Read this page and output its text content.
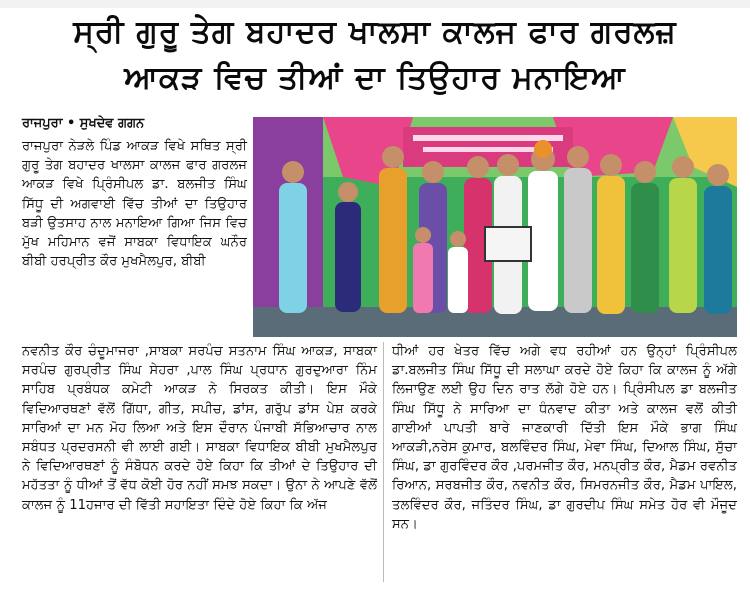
ਸ੍ਰੀ ਗੁਰੂ ਤੇਗ ਬਹਾਦਰ ਖਾਲਸਾ ਕਾਲਜ ਫਾਰ ਗਰਲਜ਼
ਆਕੜ ਵਿਚ ਤੀਆਂ ਦਾ ਤਿਉਹਾਰ ਮਨਾਇਆ
ਰਾਜਪੁਰਾ • ਸੁਖਦੇਵ ਗਗਨ

ਰਾਜਪੁਰਾ ਨੇੜਲੇ ਪਿੰਡ ਆਕੜ ਵਿਖੇ ਸਥਿਤ ਸ੍ਰੀ ਗੁਰੂ ਤੇਗ ਬਹਾਦਰ ਖਾਲਸਾ ਕਾਲਜ ਫਾਰ ਗਰਲਜ ਆਕੜ ਵਿਖੇ ਪ੍ਰਿੰਸੀਪਲ ਡਾ. ਬਲਜੀਤ ਸਿੰਘ ਸਿੱਧੂ ਦੀ ਅਗਵਾਈ ਵਿੱਚ ਤੀਆਂ ਦਾ ਤਿਉਹਾਰ ਬੜੀ ਉਤਸਾਹ ਨਾਲ ਮਨਾਇਆ ਗਿਆ ਜਿਸ ਵਿਚ ਮੁੱਖ ਮਹਿਮਾਨ ਵਜੋਂ ਸਾਬਕਾ ਵਿਧਾਇਕ ਘਨੌਰ ਬੀਬੀ ਹਰਪ੍ਰੀਤ ਕੌਰ ਮੁਖਮੈਲਪੁਰ, ਬੀਬੀ

ਨਵਨੀਤ ਕੌਰ ਚੰਦੂਮਾਜਰਾ ,ਸਾਬਕਾ ਸਰਪੰਚ ਸਤਨਾਮ ਸਿੰਘ ਆਕੜ, ਸਾਬਕਾ ਸਰਪੰਚ ਗੁਰਪ੍ਰੀਤ ਸਿੰਘ ਸੇਹਰਾ ,ਪਾਲ ਸਿੰਘ ਪ੍ਰਧਾਨ ਗੁਰਦੁਆਰਾ ਨਿੰਮ ਸਾਹਿਬ ਪ੍ਰਬੰਧਕ ਕਮੇਟੀ ਆਕੜ ਨੇ ਸਿਰਕਤ ਕੀਤੀ। ਇਸ ਮੌਕੇ ਵਿਦਿਆਰਥਣਾਂ ਵੱਲੋਂ ਗਿੱਧਾ, ਗੀਤ, ਸਪੀਚ, ਡਾਂਸ, ਗਰੁੱਪ ਡਾਂਸ ਪੇਸ਼ ਕਰਕੇ ਸਾਰਿਆਂ ਦਾ ਮਨ ਮੋਹ ਲਿਆ ਅਤੇ ਇਸ ਦੌਰਾਨ ਪੰਜਾਬੀ ਸੱਭਿਆਚਾਰ ਨਾਲ ਸਬੰਧਤ ਪ੍ਰਦਰਸਨੀ ਵੀ ਲਾਈ ਗਈ। ਸਾਬਕਾ ਵਿਧਾਇਕ ਬੀਬੀ ਮੁਖਮੈਲਪੁਰ ਨੇ ਵਿਦਿਆਰਥਣਾਂ ਨੂੰ ਸੰਬੋਧਨ ਕਰਦੇ ਹੋਏ ਕਿਹਾ ਕਿ ਤੀਆਂ ਦੇ ਤਿਉਹਾਰ ਦੀ ਮਹੱਤਤਾ ਨੂੰ ਧੀਆਂ ਤੋਂ ਵੱਧ ਕੋਈ ਹੋਰ ਨਹੀਂ ਸਮਝ ਸਕਦਾ। ਉਨਾ ਨੇ ਆਪਣੇ ਵੱਲੋਂ ਕਾਲਜ ਨੂੰ 11ਹਜਾਰ ਦੀ ਵਿੱਤੀ ਸਹਾਇਤਾ ਦਿੰਦੇ ਹੋਏ ਕਿਹਾ ਕਿ ਅੱਜ

ਧੀਆਂ ਹਰ ਖੇਤਰ ਵਿੱਚ ਅਗੇ ਵਧ ਰਹੀਆਂ ਹਨ ਉਨ੍ਹਾਂ ਪ੍ਰਿੰਸੀਪਲ ਡਾ.ਬਲਜੀਤ ਸਿੰਘ ਸਿੱਧੂ ਦੀ ਸਲਾਘਾ ਕਰਦੇ ਹੋਏ ਕਿਹਾ ਕਿ ਕਾਲਜ ਨੂੰ ਅੱਗੇ ਲਿਜਾਉਣ ਲਈ ਉਹ ਦਿਨ ਰਾਤ ਲੱਗੇ ਹੋਏ ਹਨ। ਪ੍ਰਿੰਸੀਪਲ ਡਾ ਬਲਜੀਤ ਸਿੰਘ ਸਿੱਧੂ ਨੇ ਸਾਰਿਆ ਦਾ ਧੰਨਵਾਦ ਕੀਤਾ ਅਤੇ ਕਾਲਜ ਵਲੋਂ ਕੀਤੀ ਗਾਈਆਂ ਪਾਪਤੀ ਬਾਰੇ ਜਾਣਕਾਰੀ ਦਿੱਤੀ ਇਸ ਮੌਕੇ ਭਾਗ ਸਿੰਘ ਆਕੜੀ,ਨਰੇਸ ਕੁਮਾਰ, ਬਲਵਿੰਦਰ ਸਿੰਘ, ਮੇਵਾ ਸਿੰਘ, ਦਿਆਲ ਸਿੰਘ, ਸੁੱਚਾ ਸਿੰਘ, ਡਾ ਗੁਰਵਿੰਦਰ ਕੌਰ ,ਪਰਮਜੀਤ ਕੌਰ, ਮਨਪ੍ਰੀਤ ਕੌਰ, ਮੈਡਮ ਰਵਨੀਤ ਰਿਆਨ, ਸਰਬਜੀਤ ਕੌਰ, ਨਵਨੀਤ ਕੌਰ, ਸਿਮਰਨਜੀਤ ਕੌਰ, ਮੈਡਮ ਪਾਇਲ, ਤਲਵਿੰਦਰ ਕੌਰ, ਜਤਿੰਦਰ ਸਿੰਘ, ਡਾ ਗੁਰਦੀਪ ਸਿੰਘ ਸਮੇਤ ਹੋਰ ਵੀ ਮੌਜੂਦ ਸਨ।
